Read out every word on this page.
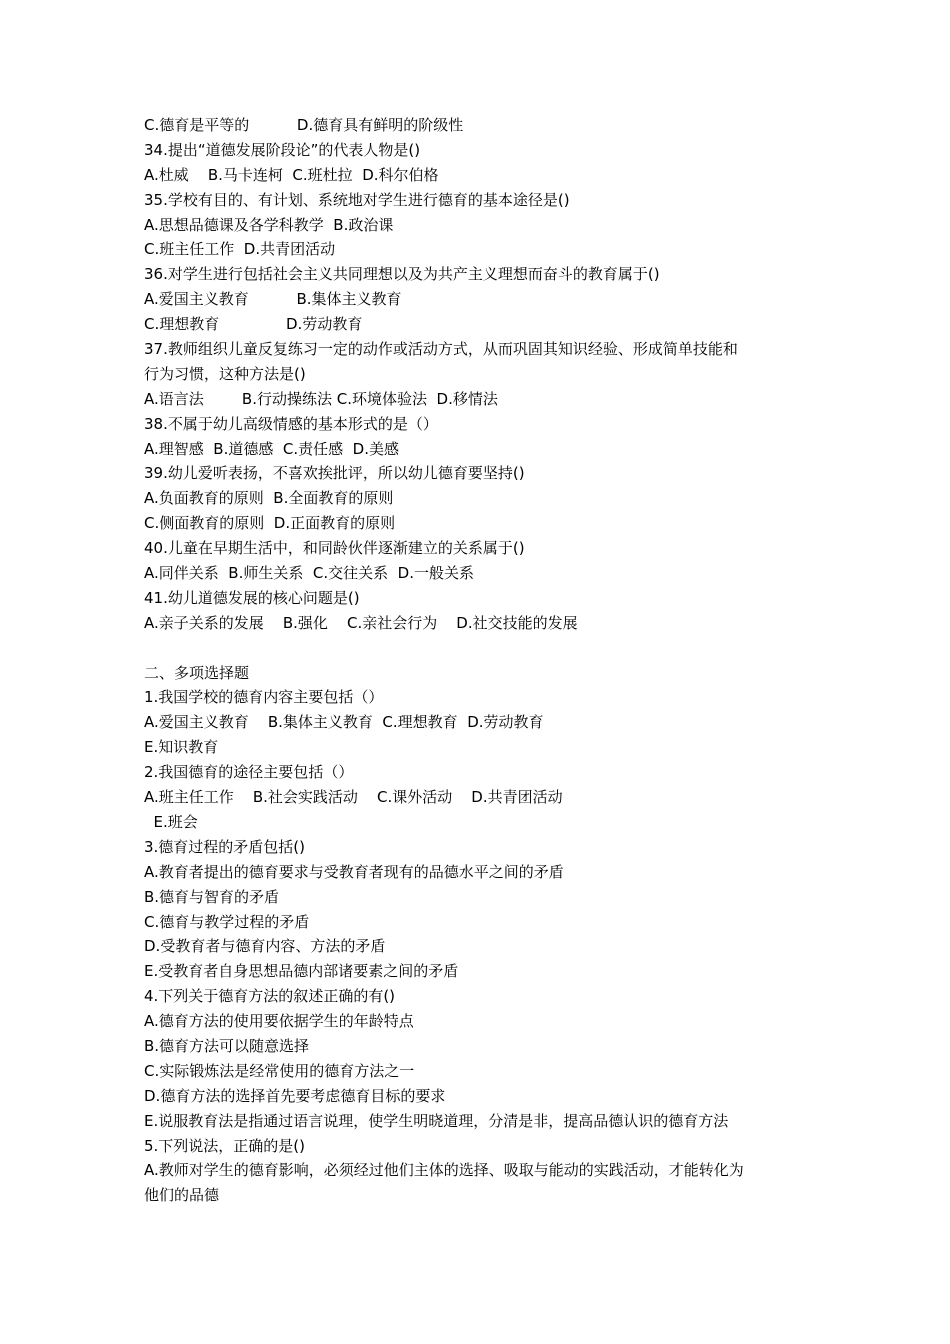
C.德育是平等的          D.德育具有鲜明的阶级性
34.提出“道德发展阶段论”的代表人物是()
A.杜威    B.马卡连柯  C.班杜拉  D.科尔伯格
35.学校有目的、有计划、系统地对学生进行德育的基本途径是()
A.思想品德课及各学科教学  B.政治课
C.班主任工作  D.共青团活动
36.对学生进行包括社会主义共同理想以及为共产主义理想而奋斗的教育属于()
A.爱国主义教育          B.集体主义教育
C.理想教育              D.劳动教育
37.教师组织儿童反复练习一定的动作或活动方式，从而巩固其知识经验、形成简单技能和
行为习惯，这种方法是()
A.语言法        B.行动操练法 C.环境体验法  D.移情法
38.不属于幼儿高级情感的基本形式的是（）
A.理智感  B.道德感  C.责任感  D.美感
39.幼儿爱听表扬，不喜欢挨批评，所以幼儿德育要坚持()
A.负面教育的原则  B.全面教育的原则
C.侧面教育的原则  D.正面教育的原则
40.儿童在早期生活中，和同龄伙伴逐渐建立的关系属于()
A.同伴关系  B.师生关系  C.交往关系  D.一般关系
41.幼儿道德发展的核心问题是()
A.亲子关系的发展    B.强化    C.亲社会行为    D.社交技能的发展
二、多项选择题
1.我国学校的德育内容主要包括（）
A.爱国主义教育    B.集体主义教育  C.理想教育  D.劳动教育
E.知识教育
2.我国德育的途径主要包括（）
A.班主任工作    B.社会实践活动    C.课外活动    D.共青团活动
E.班会
3.德育过程的矛盾包括()
A.教育者提出的德育要求与受教育者现有的品德水平之间的矛盾
B.德育与智育的矛盾
C.德育与教学过程的矛盾
D.受教育者与德育内容、方法的矛盾
E.受教育者自身思想品德内部诸要素之间的矛盾
4.下列关于德育方法的叙述正确的有()
A.德育方法的使用要依据学生的年龄特点
B.德育方法可以随意选择
C.实际锻炼法是经常使用的德育方法之一
D.德育方法的选择首先要考虑德育目标的要求
E.说服教育法是指通过语言说理，使学生明晓道理，分清是非，提高品德认识的德育方法
5.下列说法，正确的是()
A.教师对学生的德育影响，必须经过他们主体的选择、吸取与能动的实践活动，才能转化为
他们的品德
